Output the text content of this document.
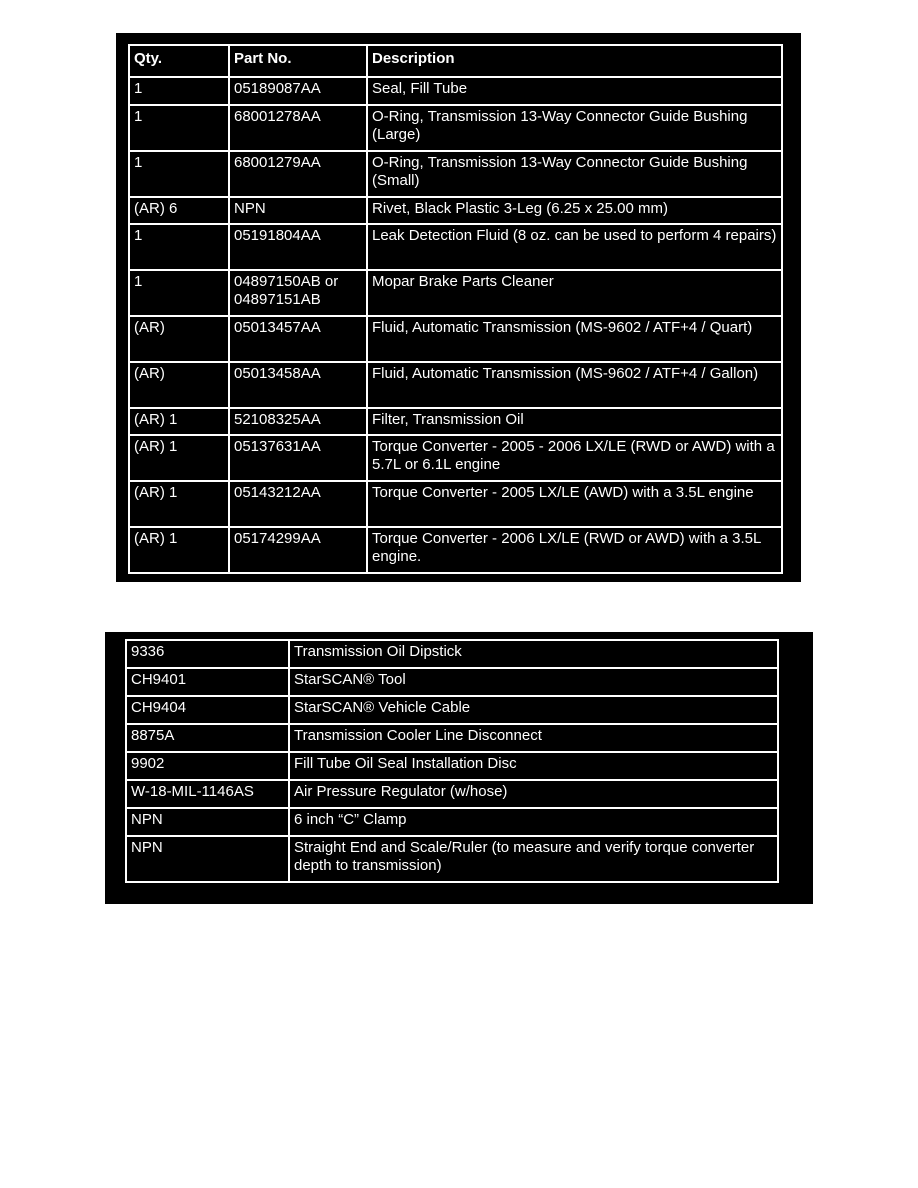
Qty.	Part No.	Description
1	05189087AA	Seal, Fill Tube
1	68001278AA	O-Ring, Transmission 13-Way Connector Guide Bushing (Large)
1	68001279AA	O-Ring, Transmission 13-Way Connector Guide Bushing (Small)
(AR) 6	NPN	Rivet, Black Plastic 3-Leg (6.25 x 25.00 mm)
1	05191804AA	Leak Detection Fluid (8 oz. can be used to perform 4 repairs)
1	04897150AB or 04897151AB	Mopar Brake Parts Cleaner
(AR)	05013457AA	Fluid, Automatic Transmission (MS-9602 / ATF+4 / Quart)
(AR)	05013458AA	Fluid, Automatic Transmission (MS-9602 / ATF+4 / Gallon)
(AR) 1	52108325AA	Filter, Transmission Oil
(AR) 1	05137631AA	Torque Converter - 2005 - 2006 LX/LE (RWD or AWD) with a 5.7L or 6.1L engine
(AR) 1	05143212AA	Torque Converter - 2005 LX/LE (AWD) with a 3.5L engine
(AR) 1	05174299AA	Torque Converter - 2006 LX/LE (RWD or AWD) with a 3.5L engine.
9336	Transmission Oil Dipstick
CH9401	StarSCAN® Tool
CH9404	StarSCAN® Vehicle Cable
8875A	Transmission Cooler Line Disconnect
9902	Fill Tube Oil Seal Installation Disc
W-18-MIL-1146AS	Air Pressure Regulator (w/hose)
NPN	6 inch “C” Clamp
NPN	Straight End and Scale/Ruler (to measure and verify torque converter depth to transmission)
